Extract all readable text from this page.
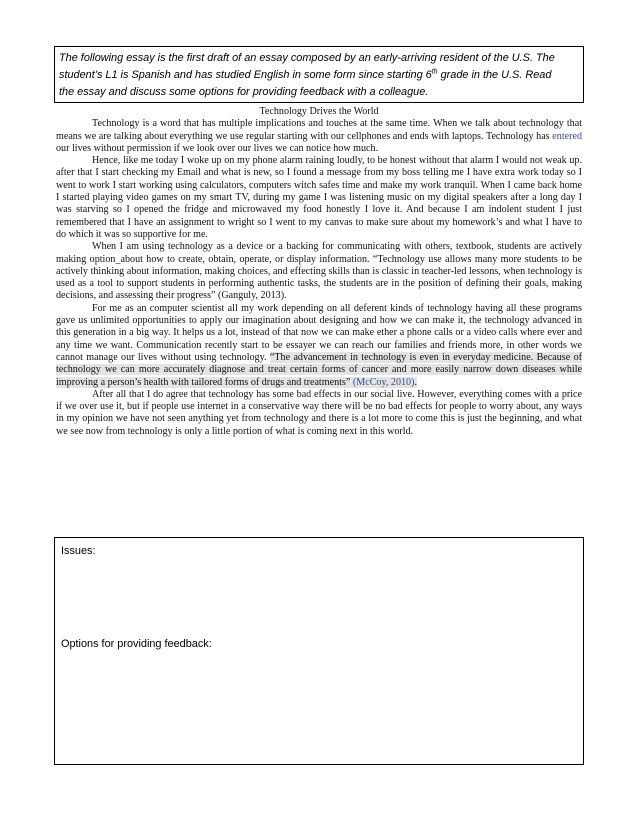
The following essay is the first draft of an essay composed by an early-arriving resident of the U.S. The
student’s L1 is Spanish and has studied English in some form since starting 6th grade in the U.S. Read
the essay and discuss some options for providing feedback with a colleague.
Technology Drives the World

Technology is a word that has multiple implications and touches at the same time. When we talk about technology that means we are talking about everything we use regular starting with our cellphones and ends with laptops. Technology has entered our lives without permission if we look over our lives we can notice how much.

Hence, like me today I woke up on my phone alarm raining loudly, to be honest without that alarm I would not weak up. after that I start checking my Email and what is new, so I found a message from my boss telling me I have extra work today so I went to work I start working using calculators, computers witch safes time and make my work tranquil. When I came back home I started playing video games on my smart TV, during my game I was listening music on my digital speakers after a long day I was starving so I opened the fridge and microwaved my food honestly I love it. And because I am indolent student I just remembered that I have an assignment to wright so I went to my canvas to make sure about my homework’s and what I have to do which it was so supportive for me.

When I am using technology as a device or a backing for communicating with others, textbook, students are actively making option_about how to create, obtain, operate, or display information. “Technology use allows many more students to be actively thinking about information, making choices, and effecting skills than is classic in teacher-led lessons, when technology is used as a tool to support students in performing authentic tasks, the students are in the position of defining their goals, making decisions, and assessing their progress” (Ganguly, 2013).

For me as an computer scientist all my work depending on all deferent kinds of technology having all these programs gave us unlimited opportunities to apply our imagination about designing and how we can make it, the technology advanced in this generation in a big way. It helps us a lot, instead of that now we can make ether a phone calls or a video calls where ever and any time we want. Communication recently start to be essayer we can reach our families and friends more, in other words we cannot manage our lives without using technology. “The advancement in technology is even in everyday medicine. Because of technology we can more accurately diagnose and treat certain forms of cancer and more easily narrow down diseases while improving a person’s health with tailored forms of drugs and treatments” (McCoy, 2010).

After all that I do agree that technology has some bad effects in our social live. However, everything comes with a price if we over use it, but if people use internet in a conservative way there will be no bad effects for people to worry about, any ways in my opinion we have not seen anything yet from technology and there is a lot more to come this is just the beginning, and what we see now from technology is only a little portion of what is coming next in this world.

Issues:
Options for providing feedback:
